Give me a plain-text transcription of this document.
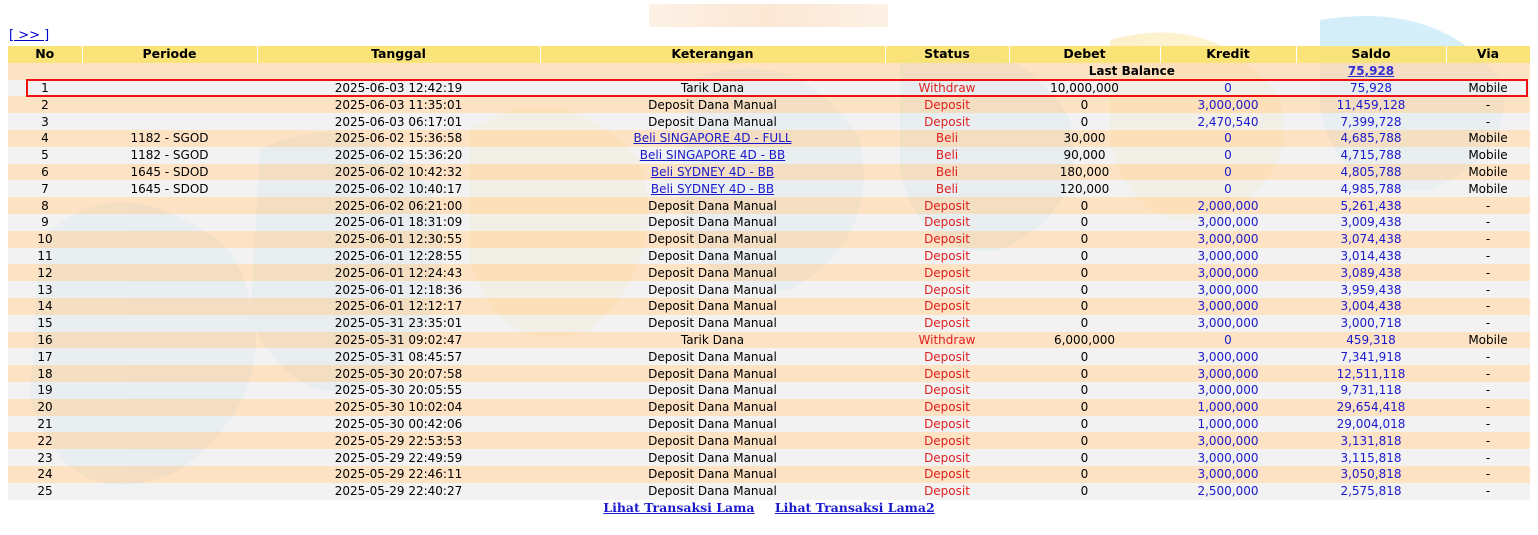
[ >> ]
No	Periode	Tanggal	Keterangan	Status	Debet	Kredit	Saldo	Via
Last Balance							75,928	
1		2025-06-03 12:42:19	Tarik Dana	Withdraw	10,000,000	0	75,928	Mobile
2		2025-06-03 11:35:01	Deposit Dana Manual	Deposit	0	3,000,000	11,459,128	-
3		2025-06-03 06:17:01	Deposit Dana Manual	Deposit	0	2,470,540	7,399,728	-
4	1182 - SGOD	2025-06-02 15:36:58	Beli SINGAPORE 4D - FULL	Beli	30,000	0	4,685,788	Mobile
5	1182 - SGOD	2025-06-02 15:36:20	Beli SINGAPORE 4D - BB	Beli	90,000	0	4,715,788	Mobile
6	1645 - SDOD	2025-06-02 10:42:32	Beli SYDNEY 4D - BB	Beli	180,000	0	4,805,788	Mobile
7	1645 - SDOD	2025-06-02 10:40:17	Beli SYDNEY 4D - BB	Beli	120,000	0	4,985,788	Mobile
8		2025-06-02 06:21:00	Deposit Dana Manual	Deposit	0	2,000,000	5,261,438	-
9		2025-06-01 18:31:09	Deposit Dana Manual	Deposit	0	3,000,000	3,009,438	-
10		2025-06-01 12:30:55	Deposit Dana Manual	Deposit	0	3,000,000	3,074,438	-
11		2025-06-01 12:28:55	Deposit Dana Manual	Deposit	0	3,000,000	3,014,438	-
12		2025-06-01 12:24:43	Deposit Dana Manual	Deposit	0	3,000,000	3,089,438	-
13		2025-06-01 12:18:36	Deposit Dana Manual	Deposit	0	3,000,000	3,959,438	-
14		2025-06-01 12:12:17	Deposit Dana Manual	Deposit	0	3,000,000	3,004,438	-
15		2025-05-31 23:35:01	Deposit Dana Manual	Deposit	0	3,000,000	3,000,718	-
16		2025-05-31 09:02:47	Tarik Dana	Withdraw	6,000,000	0	459,318	Mobile
17		2025-05-31 08:45:57	Deposit Dana Manual	Deposit	0	3,000,000	7,341,918	-
18		2025-05-30 20:07:58	Deposit Dana Manual	Deposit	0	3,000,000	12,511,118	-
19		2025-05-30 20:05:55	Deposit Dana Manual	Deposit	0	3,000,000	9,731,118	-
20		2025-05-30 10:02:04	Deposit Dana Manual	Deposit	0	1,000,000	29,654,418	-
21		2025-05-30 00:42:06	Deposit Dana Manual	Deposit	0	1,000,000	29,004,018	-
22		2025-05-29 22:53:53	Deposit Dana Manual	Deposit	0	3,000,000	3,131,818	-
23		2025-05-29 22:49:59	Deposit Dana Manual	Deposit	0	3,000,000	3,115,818	-
24		2025-05-29 22:46:11	Deposit Dana Manual	Deposit	0	3,000,000	3,050,818	-
25		2025-05-29 22:40:27	Deposit Dana Manual	Deposit	0	2,500,000	2,575,818	-
Lihat Transaksi Lama Lihat Transaksi Lama2
